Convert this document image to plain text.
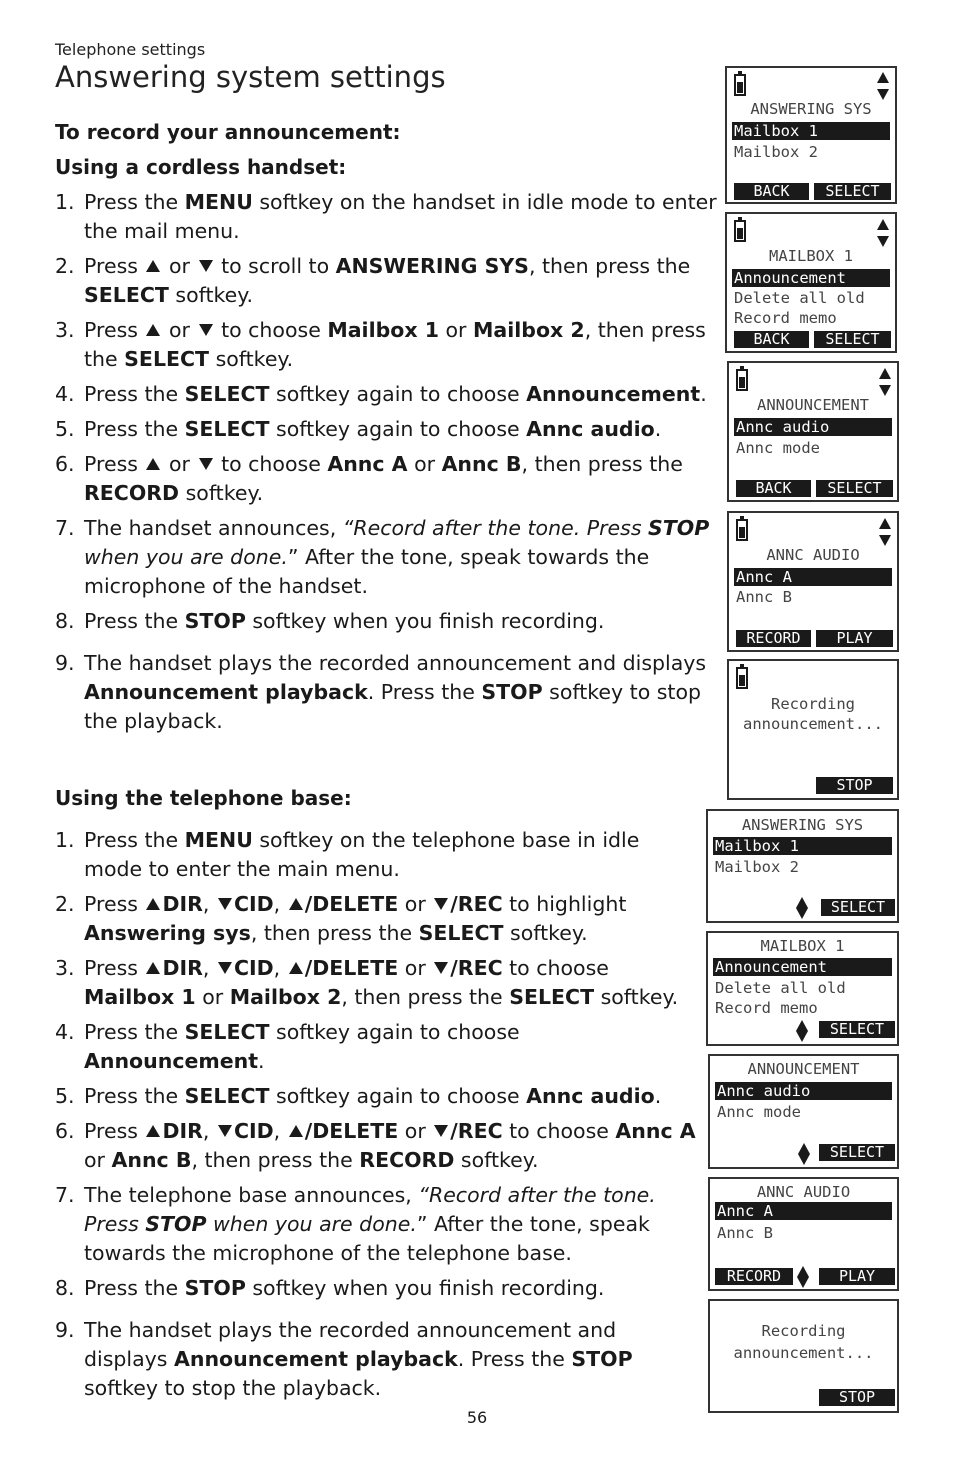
Telephone settings
Answering system settings
To record your announcement:
Using a cordless handset:
1. Press the MENU softkey on the handset in idle mode to enter the mail menu.
2. Press  or to scroll to ANSWERING SYS, then press the SELECT softkey.
3. Press  or to choose Mailbox 1 or Mailbox 2, then press the SELECT softkey.
4. Press the SELECT softkey again to choose Announcement.
5. Press the SELECT softkey again to choose Annc audio.
6. Press  or to choose Annc A or Annc B, then press the RECORD softkey.
7. The handset announces, “Record after the tone. Press STOP when you are done.” After the tone, speak towards the microphone of the handset.
8. Press the STOP softkey when you finish recording.
9. The handset plays the recorded announcement and displays Announcement playback. Press the STOP softkey to stop the playback.
Using the telephone base:
1. Press the MENU softkey on the telephone base in idle mode to enter the main menu.
2. Press DIR, CID, /DELETE or /REC to highlight Answering sys, then press the SELECT softkey.
3. Press DIR, CID, /DELETE or /REC to choose Mailbox 1 or Mailbox 2, then press the SELECT softkey.
4. Press the SELECT softkey again to choose Announcement.
5. Press the SELECT softkey again to choose Annc audio.
6. Press DIR, CID, /DELETE or /REC to choose Annc A or Annc B, then press the RECORD softkey.
7. The telephone base announces, “Record after the tone. Press STOP when you are done.” After the tone, speak towards the microphone of the telephone base.
8. Press the STOP softkey when you finish recording.
9. The handset plays the recorded announcement and displays Announcement playback. Press the STOP softkey to stop the playback.
ANSWERING SYS
Mailbox 1
Mailbox 2
BACK	SELECT
MAILBOX 1
Announcement
Delete all old
Record memo
BACK	SELECT
ANNOUNCEMENT
Annc audio
Annc mode
BACK	SELECT
ANNC AUDIO
Annc A
Annc B
RECORD	PLAY
Recording
announcement...
STOP
ANSWERING SYS
Mailbox 1
Mailbox 2
SELECT
MAILBOX 1
Announcement
Delete all old
Record memo
SELECT
ANNOUNCEMENT
Annc audio
Annc mode
SELECT
ANNC AUDIO
Annc A
Annc B
RECORD	PLAY
Recording
announcement...
STOP
56
